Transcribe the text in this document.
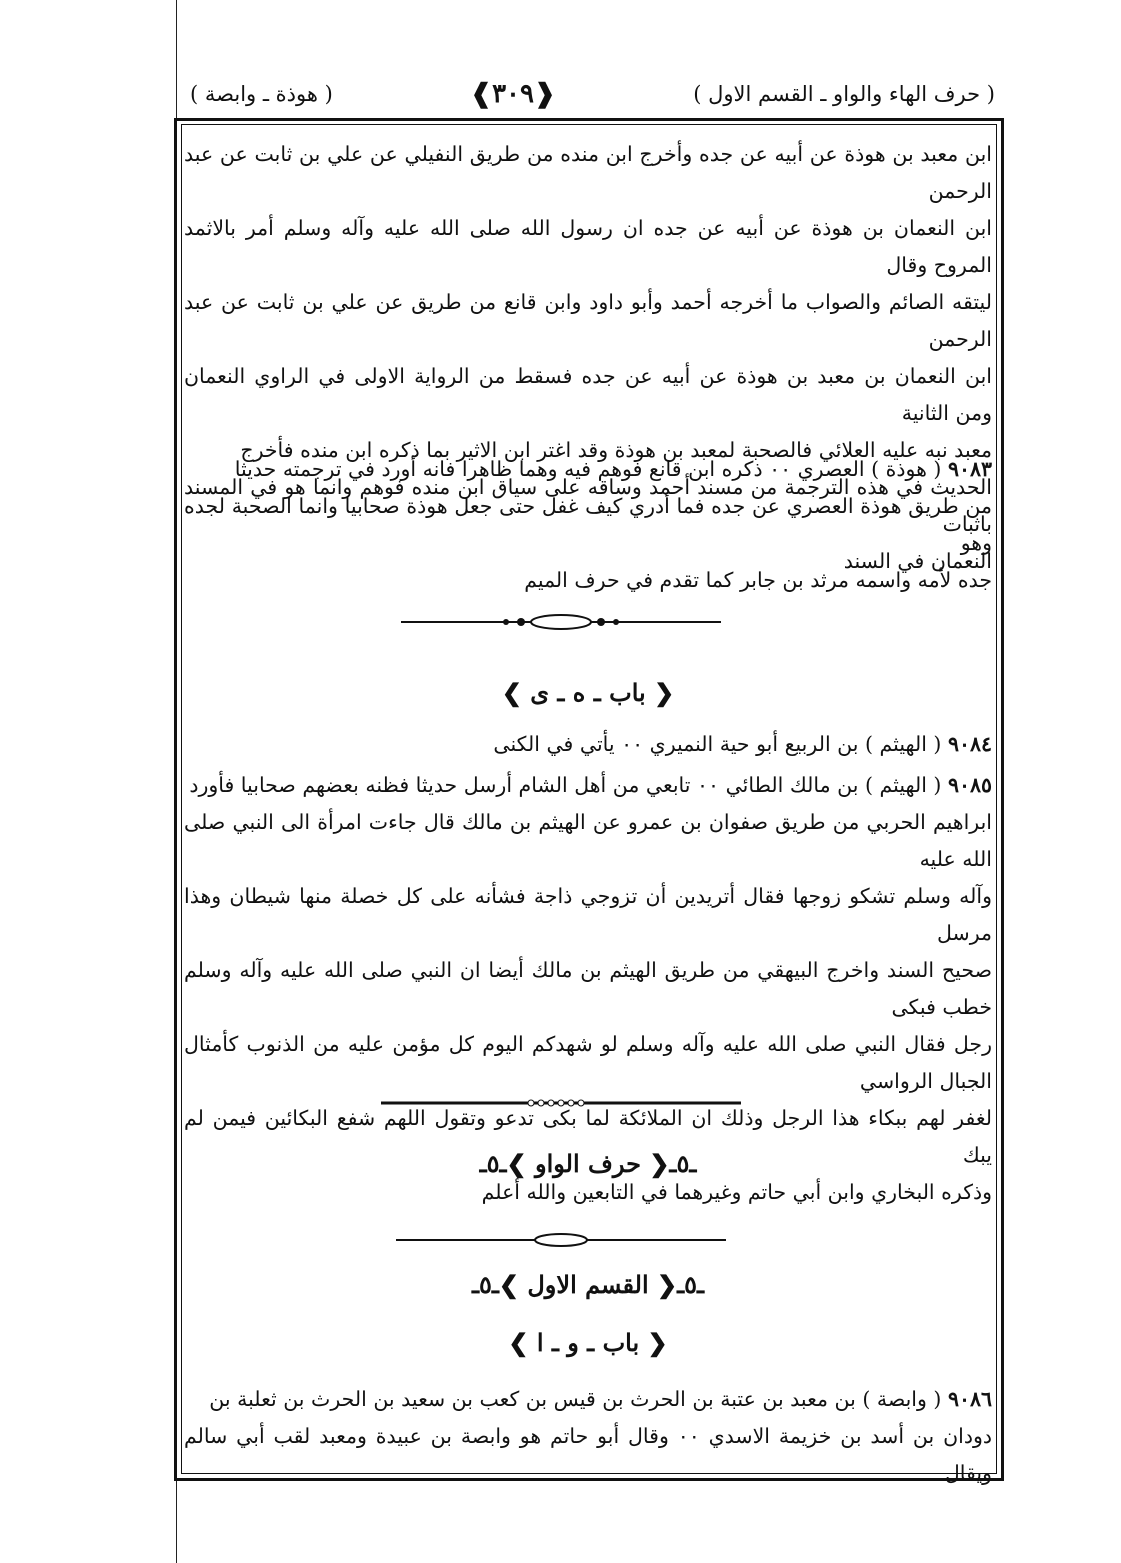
( حرف الهاء والواو ـ القسم الاول )
❰٣٠٩❱
( هوذة ـ وابصة )

ابن معبد بن هوذة عن أبيه عن جده وأخرج ابن منده من طريق النفيلي عن علي بن ثابت عن عبد الرحمن

ابن النعمان بن هوذة عن أبيه عن جده ان رسول الله صلى الله عليه وآله وسلم أمر بالاثمد المروح وقال

ليتقه الصائم والصواب ما أخرجه أحمد وأبو داود وابن قانع من طريق عن علي بن ثابت عن عبد الرحمن

ابن النعمان بن معبد بن هوذة عن أبيه عن جده فسقط من الرواية الاولى في الراوي النعمان ومن الثانية

معبد نبه عليه العلائي فالصحبة لمعبد بن هوذة وقد اغتر ابن الاثير بما ذكره ابن منده فأخرج

الحديث في هذه الترجمة من مسند أحمد وساقه على سياق ابن منده فوهم وانما هو في المسند باثبات

النعمان في السند

٩٠٨٣ ( هوذة ) العصري ٠٠ ذكره ابن قانع فوهم فيه وهما ظاهرا فانه أورد في ترجمته حديثا

من طريق هوذة العصري عن جده فما أدري كيف غفل حتى جعل هوذة صحابيا وانما الصحبة لجده وهو

جده لأمه واسمه مرثد بن جابر كما تقدم في حرف الميم

❮ باب ـ ه ـ ى ❯

٩٠٨٤ ( الهيثم ) بن الربيع أبو حية النميري ٠٠ يأتي في الكنى

٩٠٨٥ ( الهيثم ) بن مالك الطائي ٠٠ تابعي من أهل الشام أرسل حديثا فظنه بعضهم صحابيا فأورد

ابراهيم الحربي من طريق صفوان بن عمرو عن الهيثم بن مالك قال جاءت امرأة الى النبي صلى الله عليه

وآله وسلم تشكو زوجها فقال أتريدين أن تزوجي ذاجة فشأنه على كل خصلة منها شيطان وهذا مرسل

صحيح السند واخرج البيهقي من طريق الهيثم بن مالك أيضا ان النبي صلى الله عليه وآله وسلم خطب فبكى

رجل فقال النبي صلى الله عليه وآله وسلم لو شهدكم اليوم كل مؤمن عليه من الذنوب كأمثال الجبال الرواسي

لغفر لهم ببكاء هذا الرجل وذلك ان الملائكة لما بكى تدعو وتقول اللهم شفع البكائين فيمن لم يبك

وذكره البخاري وابن أبي حاتم وغيرهما في التابعين والله أعلم

ـ٥ـ❮ حرف الواو ❯ـ٥ـ
ـ٥ـ❮ القسم الاول ❯ـ٥ـ
❮ باب ـ و ـ ا ❯

٩٠٨٦ ( وابصة ) بن معبد بن عتبة بن الحرث بن قيس بن كعب بن سعيد بن الحرث بن ثعلبة بن

دودان بن أسد بن خزيمة الاسدي ٠٠ وقال أبو حاتم هو وابصة بن عبيدة ومعبد لقب أبي سالم ويقال
